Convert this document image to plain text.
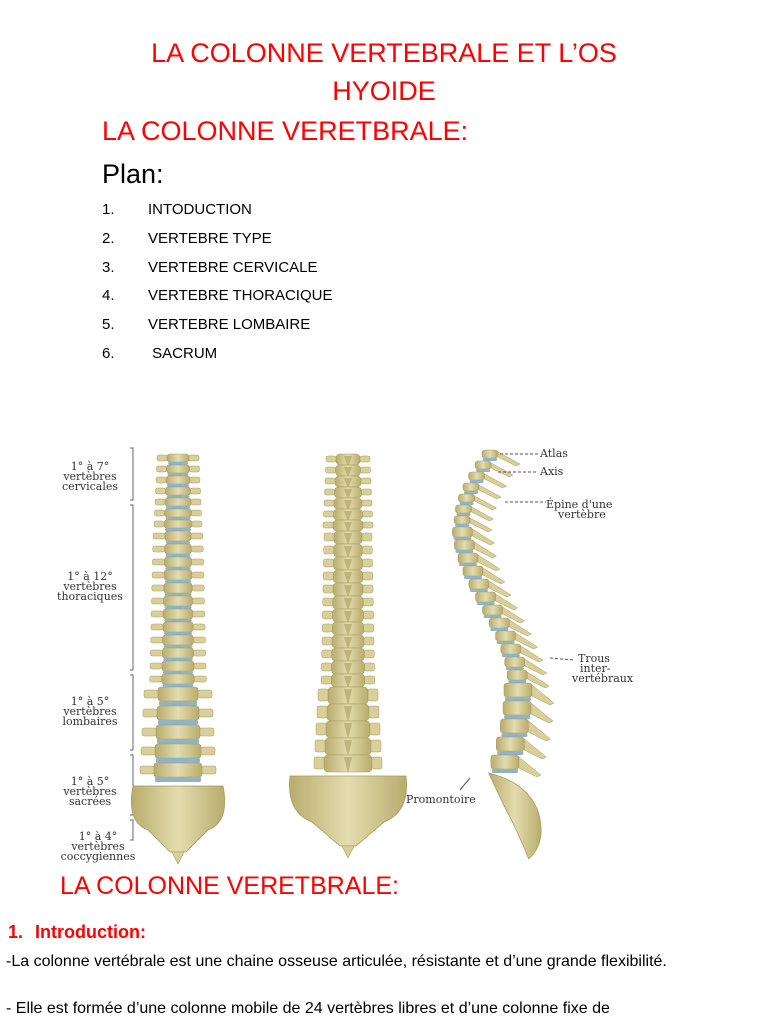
LA COLONNE VERTEBRALE ET L’OS
HYOIDE
LA COLONNE VERETBRALE:
Plan:
1. INTODUCTION
2. VERTEBRE TYPE
3. VERTEBRE CERVICALE
4. VERTEBRE THORACIQUE
5. VERTEBRE LOMBAIRE
6. SACRUM
1° à 7°
vertèbres
cervicales
1° à 12°
vertèbres
thoraciques
1° à 5°
vertèbres
lombaires
1° à 5°
vertèbres
sacrées
1° à 4°
vertèbres
coccygiennes
Atlas
Axis
Épine d'une
vertèbre
Trous
inter-
vertébraux
Promontoire
LA COLONNE VERETBRALE:
1. Introduction:
-La colonne vertébrale est une chaine osseuse articulée, résistante et d’une grande flexibilité.
- Elle est formée d’une colonne mobile de 24 vertèbres libres et d’une colonne fixe de
